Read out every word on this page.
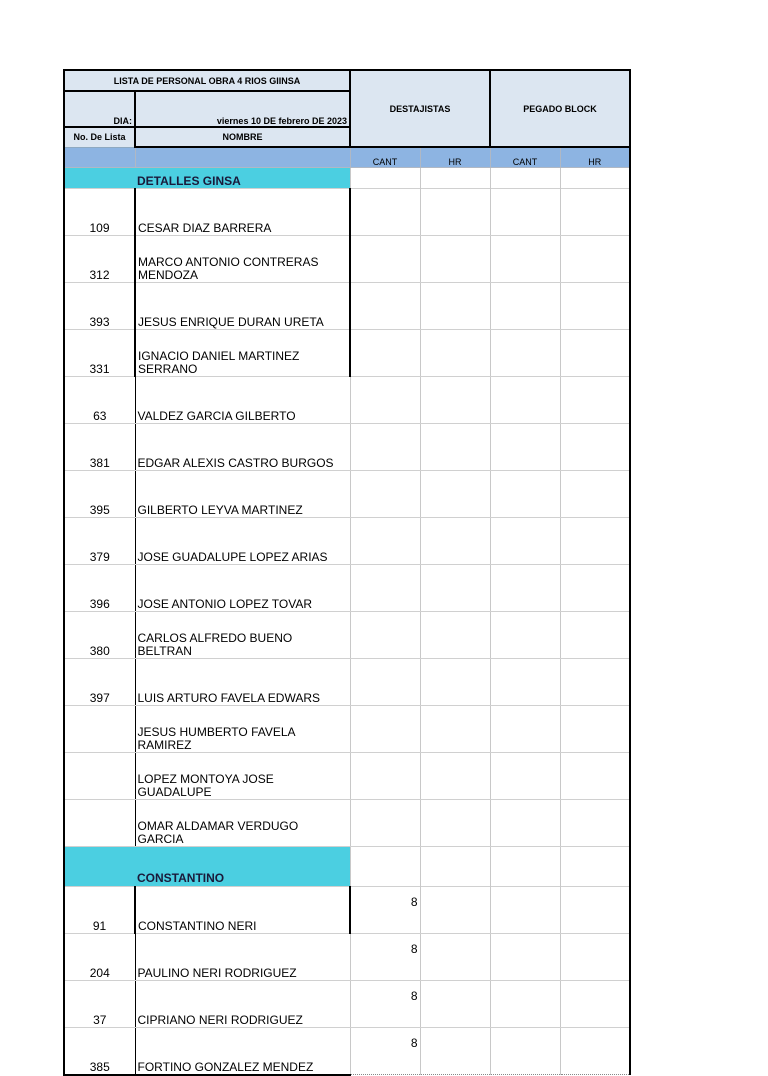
LISTA DE PERSONAL OBRA 4 RIOS GIINSA		DESTAJISTAS		PEGADO BLOCK	
DIA:	viernes 10 DE febrero DE 2023				
No. De Lista	NOMBRE				
		CANT	HR	CANT	HR
	DETALLES GINSA				
109	CESAR DIAZ BARRERA				
312	MARCO ANTONIO CONTRERAS MENDOZA				
393	JESUS ENRIQUE DURAN URETA				
331	IGNACIO DANIEL MARTINEZ SERRANO				
63	VALDEZ GARCIA GILBERTO				
381	EDGAR ALEXIS CASTRO BURGOS				
395	GILBERTO LEYVA MARTINEZ				
379	JOSE GUADALUPE LOPEZ ARIAS				
396	JOSE ANTONIO LOPEZ TOVAR				
380	CARLOS ALFREDO BUENO BELTRAN				
397	LUIS ARTURO FAVELA EDWARS				
	JESUS HUMBERTO FAVELA RAMIREZ				
	LOPEZ MONTOYA JOSE GUADALUPE				
	OMAR ALDAMAR VERDUGO GARCIA				
	CONSTANTINO				
91	CONSTANTINO NERI	8			
204	PAULINO NERI RODRIGUEZ	8			
37	CIPRIANO NERI RODRIGUEZ	8			
385	FORTINO GONZALEZ MENDEZ	8			
